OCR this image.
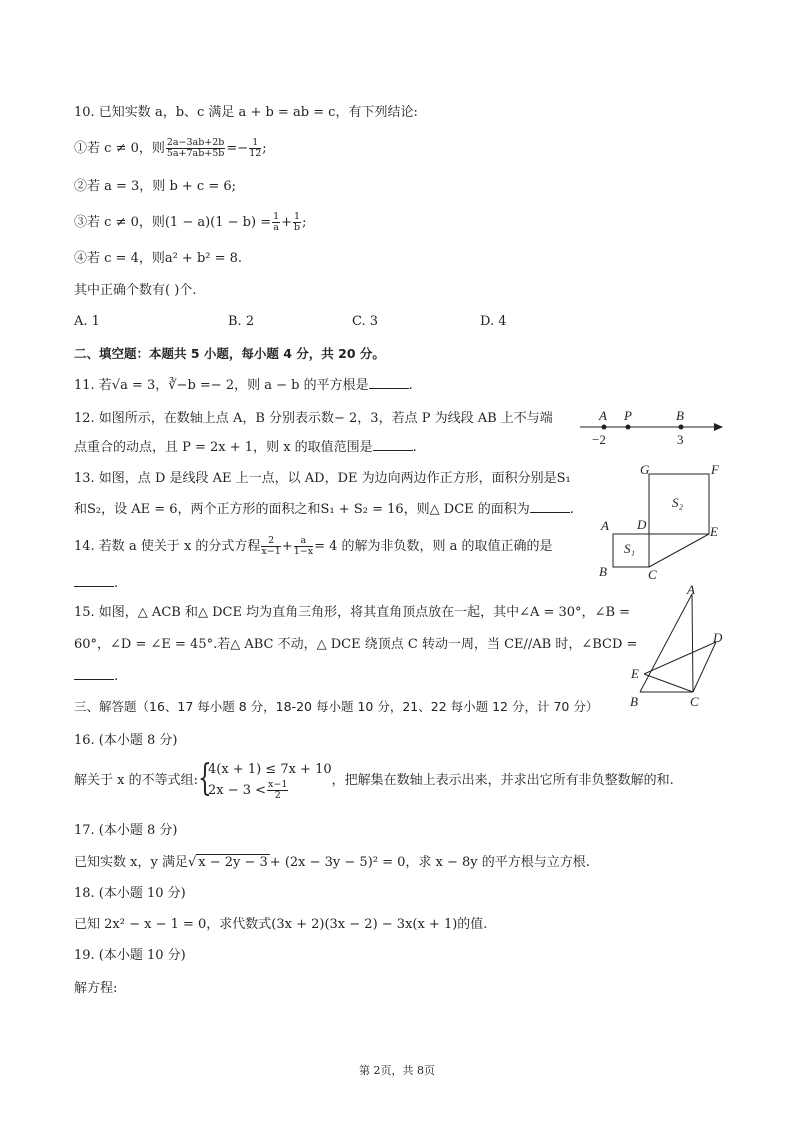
10. 已知实数 a，b、c 满足 a + b = ab = c，有下列结论:
①若 c ≠ 0，则 $\frac{2a-3ab+2b}{5a+7ab+5b} =- \frac{1}{12}$ ;
②若 a = 3，则 b + c = 6;
③若 c ≠ 0，则$(1 - a)(1 - b) = \frac{1}{a} + \frac{1}{b}$ ;
④若 c = 4，则a² + b² = 8.
其中正确个数有( )个.
A. 1	B. 2	C. 3	D. 4
二、填空题：本题共 5 小题，每小题 4 分，共 20 分。
11. 若√a = 3，∛−b =− 2，则 a − b 的平方根是	.
12. 如图所示，在数轴上点 A，B 分别表示数− 2，3，若点 P 为线段 AB 上不与端
点重合的动点，且 P = 2x + 1，则 x 的取值范围是	.
A P	B
−2	3
13. 如图，点 D 是线段 AE 上一点，以 AD，DE 为边向两边作正方形，面积分别是S₁
和S₂，设 AE = 6，两个正方形的面积之和S₁ + S₂ = 16，则△ DCE 的面积为	.
G	F
S₂
A D	E
S₁
B	C
14. 若数 a 使关于 x 的分式方程 $\frac{2}{x-1} + \frac{a}{1-x} = 4$ 的解为非负数，则 a 的取值正确的是
.
15. 如图，△ ACB 和△ DCE 均为直角三角形，将其直角顶点放在一起，其中∠A = 30°，∠B =
60°，∠D = ∠E = 45°.若△ ABC 不动，△ DCE 绕顶点 C 转动一周，当 CE//AB 时，∠BCD =
.
A
D
E
B	C
三、解答题（16、17 每小题 8 分，18-20 每小题 10 分，21、22 每小题 12 分，计 70 分）
16. (本小题 8 分)
解关于 x 的不等式组: {
4(x + 1) ≤ 7x + 10
$2x - 3 < \frac{x-1}{2}$	，把解集在数轴上表示出来，并求出它所有非负整数解的和.
17. (本小题 8 分)
已知实数 x，y 满足√ x − 2y − 3 + (2x − 3y − 5)² = 0，求 x − 8y 的平方根与立方根.
18. (本小题 10 分)
已知 2x² − x − 1 = 0，求代数式(3x + 2)(3x − 2) − 3x(x + 1)的值.
19. (本小题 10 分)
解方程:
第 2页，共 8页
